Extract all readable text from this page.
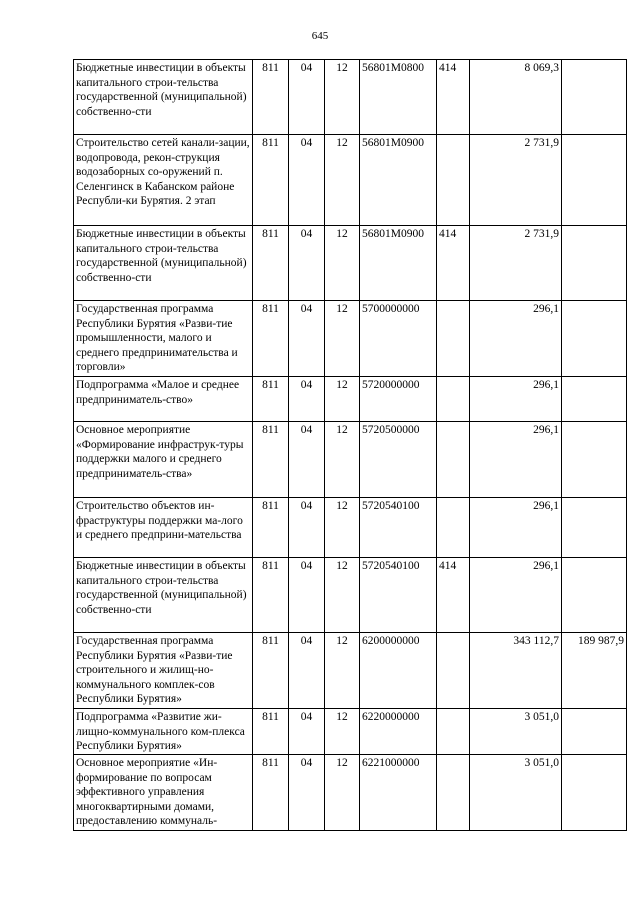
645
Бюджетные инвестиции в объекты капитального строи-тельства государственной (муниципальной) собственно-сти	811	04	12	56801M0800	414	8 069,3	
Строительство сетей канали-зации, водопровода, рекон-струкция водозаборных со-оружений п. Селенгинск в Кабанском районе Республи-ки Бурятия. 2 этап	811	04	12	56801M0900		2 731,9	
Бюджетные инвестиции в объекты капитального строи-тельства государственной (муниципальной) собственно-сти	811	04	12	56801M0900	414	2 731,9	
Государственная программа Республики Бурятия «Разви-тие промышленности, малого и среднего предпринимательства и торговли»	811	04	12	5700000000		296,1	
Подпрограмма «Малое и среднее предприниматель-ство»	811	04	12	5720000000		296,1	
Основное мероприятие «Формирование инфраструк-туры поддержки малого и среднего предприниматель-ства»	811	04	12	5720500000		296,1	
Строительство объектов ин-фраструктуры поддержки ма-лого и среднего предприни-мательства	811	04	12	5720540100		296,1	
Бюджетные инвестиции в объекты капитального строи-тельства государственной (муниципальной) собственно-сти	811	04	12	5720540100	414	296,1	
Государственная программа Республики Бурятия «Разви-тие строительного и жилищ-но-коммунального комплек-сов Республики Бурятия»	811	04	12	6200000000		343 112,7	189 987,9
Подпрограмма «Развитие жи-лищно-коммунального ком-плекса Республики Бурятия»	811	04	12	6220000000		3 051,0	
Основное мероприятие «Ин-формирование по вопросам эффективного управления многоквартирными домами, предоставлению коммуналь-	811	04	12	6221000000		3 051,0	
